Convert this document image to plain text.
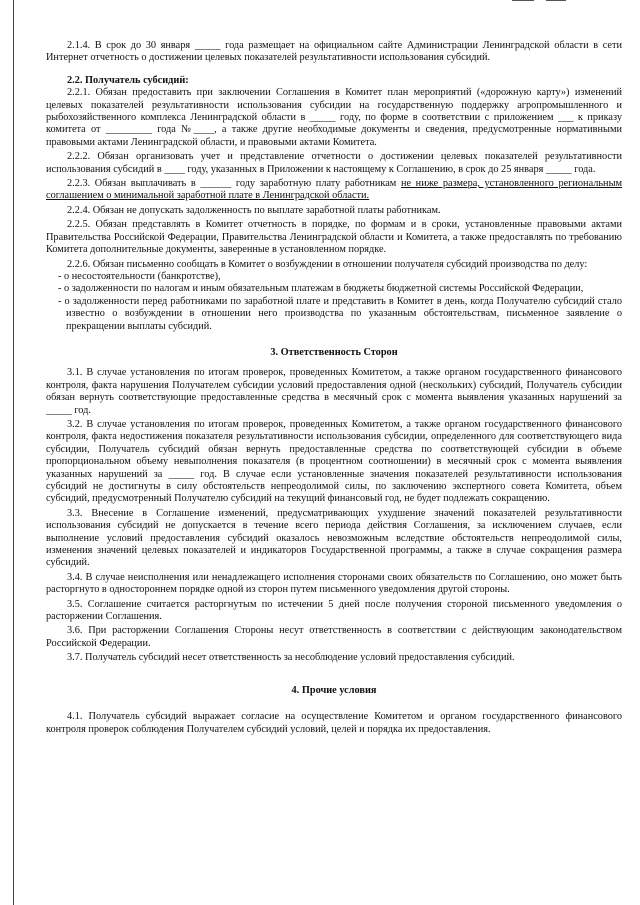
2.1.4. В срок до 30 января _____ года размещает на официальном сайте Администрации Ленинградской области в сети Интернет отчетность о достижении целевых показателей результативности использования субсидий.

2.2. Получатель субсидий:

2.2.1. Обязан предоставить при заключении Соглашения в Комитет план мероприятий («дорожную карту») изменений целевых показателей результативности использования субсидии на государственную поддержку агропромышленного и рыбохозяйственного комплекса Ленинградской области в _____ году, по форме в соответствии с приложением ___ к приказу комитета от _________ года №____, а также другие необходимые документы и сведения, предусмотренные нормативными правовыми актами Ленинградской области, и правовыми актами Комитета.

2.2.2. Обязан организовать учет и представление отчетности о достижении целевых показателей результативности использования субсидий в ____ году, указанных в Приложении к настоящему к Соглашению, в срок до 25 января _____ года.

2.2.3. Обязан выплачивать в ______ году заработную плату работникам не ниже размера, установленного региональным соглашением о минимальной заработной плате в Ленинградской области.

2.2.4. Обязан не допускать задолженность по выплате заработной платы работникам.

2.2.5. Обязан представлять в Комитет отчетность в порядке, по формам и в сроки, установленные правовыми актами Правительства Российской Федерации, Правительства Ленинградской области и Комитета, а также предоставлять по требованию Комитета дополнительные документы, заверенные в установленном порядке.

2.2.6. Обязан письменно сообщать в Комитет о возбуждении в отношении получателя субсидий производства по делу:

- о несостоятельности (банкротстве),

- о задолженности по налогам и иным обязательным платежам в бюджеты бюджетной системы Российской Федерации,

- о задолженности перед работниками по заработной плате и представить в Комитет в день, когда Получателю субсидий стало известно о возбуждении в отношении него производства по указанным обстоятельствам, письменное заявление о прекращении выплаты субсидий.

3. Ответственность Сторон

3.1. В случае установления по итогам проверок, проведенных Комитетом, а также органом государственного финансового контроля, факта нарушения Получателем субсидии условий предоставления одной (нескольких) субсидий, Получатель субсидии обязан вернуть соответствующие предоставленные средства в месячный срок с момента выявления указанных нарушений за _____ год.

3.2. В случае установления по итогам проверок, проведенных Комитетом, а также органом государственного финансового контроля, факта недостижения показателя результативности использования субсидии, определенного для соответствующего вида субсидии, Получатель субсидий обязан вернуть предоставленные средства по соответствующей субсидии в объеме пропорциональном объему невыполнения показателя (в процентном соотношении) в месячный срок с момента выявления указанных нарушений за _____ год. В случае если установленные значения показателей результативности использования субсидий не достигнуты в силу обстоятельств непреодолимой силы, по заключению экспертного совета Комитета, объем субсидий, предусмотренный Получателю субсидий на текущий финансовый год, не будет подлежать сокращению.

3.3. Внесение в Соглашение изменений, предусматривающих ухудшение значений показателей результативности использования субсидий не допускается в течение всего периода действия Соглашения, за исключением случаев, если выполнение условий предоставления субсидий оказалось невозможным вследствие обстоятельств непреодолимой силы, изменения значений целевых показателей и индикаторов Государственной программы, а также в случае сокращения размера субсидий.

3.4. В случае неисполнения или ненадлежащего исполнения сторонами своих обязательств по Соглашению, оно может быть расторгнуто в одностороннем порядке одной из сторон путем письменного уведомления другой стороны.

3.5. Соглашение считается расторгнутым по истечении 5 дней после получения стороной письменного уведомления о расторжении Соглашения.

3.6. При расторжении Соглашения Стороны несут ответственность в соответствии с действующим законодательством Российской Федерации.

3.7. Получатель субсидий несет ответственность за несоблюдение условий предоставления субсидий.

4. Прочие условия

4.1. Получатель субсидий выражает согласие на осуществление Комитетом и органом государственного финансового контроля проверок соблюдения Получателем субсидий условий, целей и порядка их предоставления.
